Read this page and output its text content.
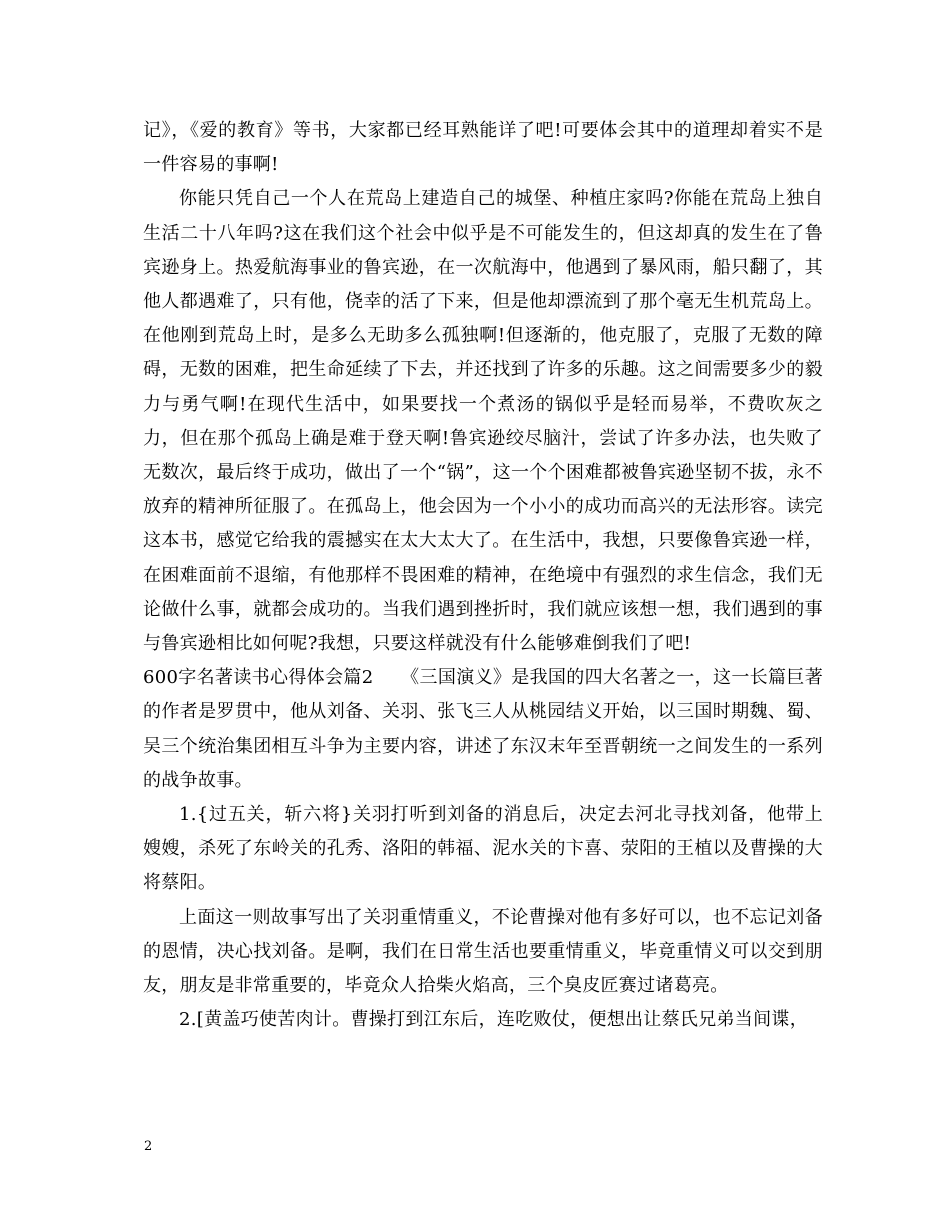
记》，《爱的教育》等书，大家都已经耳熟能详了吧!可要体会其中的道理却着实不是一件容易的事啊!

你能只凭自己一个人在荒岛上建造自己的城堡、种植庄家吗?你能在荒岛上独自生活二十八年吗?这在我们这个社会中似乎是不可能发生的，但这却真的发生在了鲁宾逊身上。热爱航海事业的鲁宾逊，在一次航海中，他遇到了暴风雨，船只翻了，其他人都遇难了，只有他，侥幸的活了下来，但是他却漂流到了那个毫无生机荒岛上。在他刚到荒岛上时，是多么无助多么孤独啊!但逐渐的，他克服了，克服了无数的障碍，无数的困难，把生命延续了下去，并还找到了许多的乐趣。这之间需要多少的毅力与勇气啊!在现代生活中，如果要找一个煮汤的锅似乎是轻而易举，不费吹灰之力，但在那个孤岛上确是难于登天啊!鲁宾逊绞尽脑汁，尝试了许多办法，也失败了无数次，最后终于成功，做出了一个“锅”，这一个个困难都被鲁宾逊坚韧不拔，永不放弃的精神所征服了。在孤岛上，他会因为一个小小的成功而高兴的无法形容。读完这本书，感觉它给我的震撼实在太大太大了。在生活中，我想，只要像鲁宾逊一样，在困难面前不退缩，有他那样不畏困难的精神，在绝境中有强烈的求生信念，我们无论做什么事，就都会成功的。当我们遇到挫折时，我们就应该想一想，我们遇到的事与鲁宾逊相比如何呢?我想，只要这样就没有什么能够难倒我们了吧!

600字名著读书心得体会篇2　　《三国演义》是我国的四大名著之一，这一长篇巨著的作者是罗贯中，他从刘备、关羽、张飞三人从桃园结义开始，以三国时期魏、蜀、吴三个统治集团相互斗争为主要内容，讲述了东汉末年至晋朝统一之间发生的一系列的战争故事。

1.{过五关，斩六将}关羽打听到刘备的消息后，决定去河北寻找刘备，他带上嫂嫂，杀死了东岭关的孔秀、洛阳的韩福、泥水关的卞喜、荥阳的王植以及曹操的大将蔡阳。

上面这一则故事写出了关羽重情重义，不论曹操对他有多好可以，也不忘记刘备的恩情，决心找刘备。是啊，我们在日常生活也要重情重义，毕竟重情义可以交到朋友，朋友是非常重要的，毕竟众人拾柴火焰高，三个臭皮匠赛过诸葛亮。

2.[黄盖巧使苦肉计。曹操打到江东后，连吃败仗，便想出让蔡氏兄弟当间谍，

2
